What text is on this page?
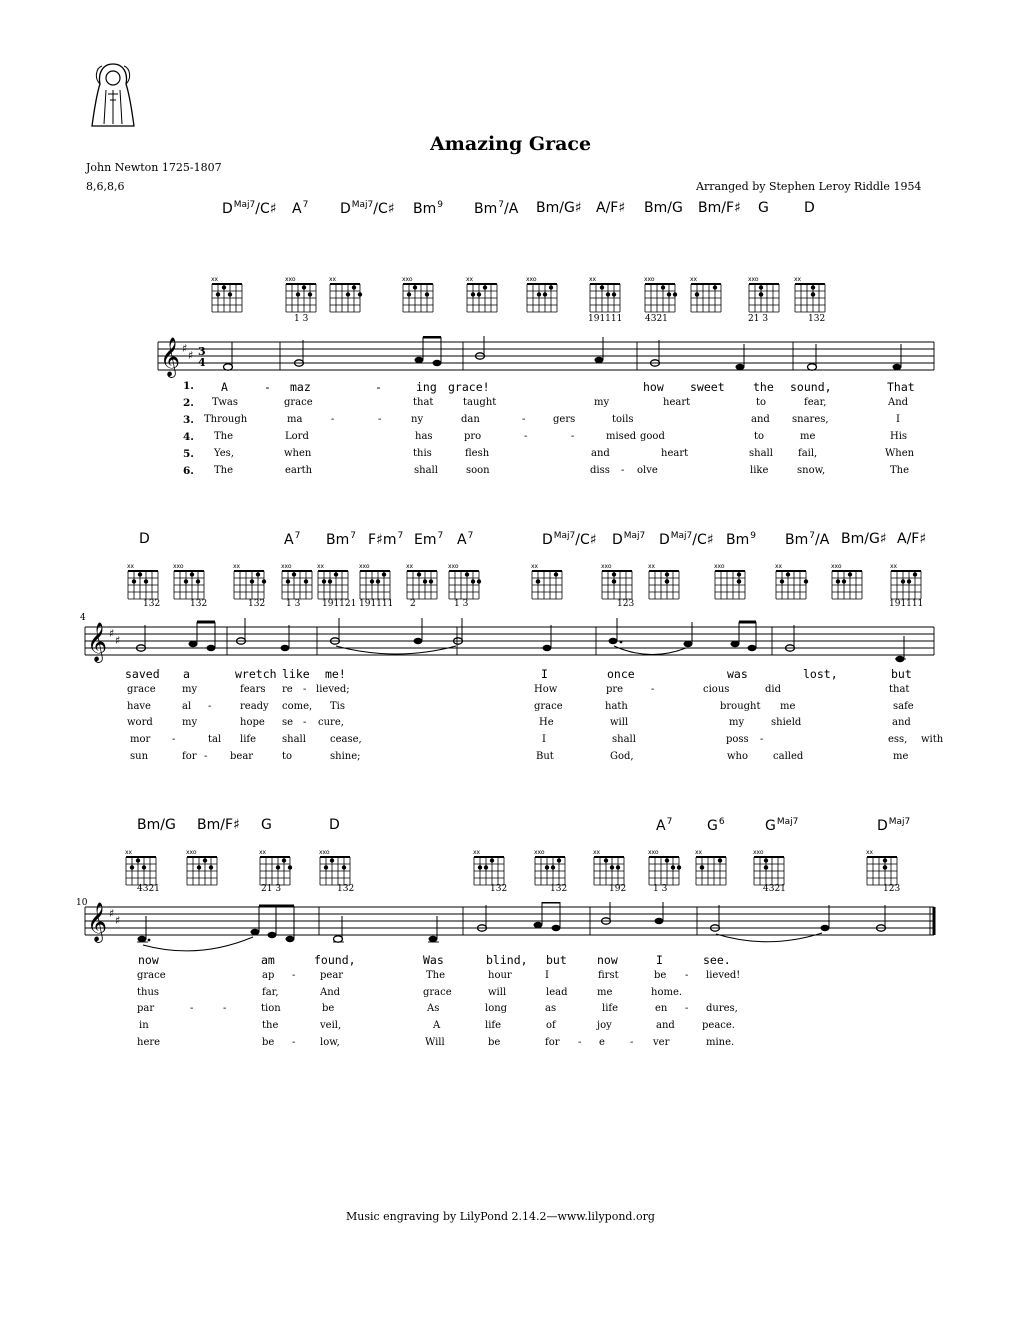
Amazing Grace
John Newton 1725-1807
8,6,8,6	Arranged by Stephen Leroy Riddle 1954
$D^{Maj7}/C♯$ $A^7$ $D^{Maj7}/C♯$ Bm$^9$ Bm$^7$/A Bm/G♯ A/F♯ Bm/G Bm/F♯ G	D
xx	xxo	xx	xxo	xx	xxo	xx	xxo	xx	xxo	xx
1 3	191111	4321	21 3	132
𝄞 ♯
♯ 3
4
1.
2.
3.
4.
5.
6.
A	- maz	-	ing grace!	how sweet the sound,	That
Twas	grace	that	taught	my	heart	to	fear,	And
Through	ma	-	-	ny	dan	-	gers	toils	and snares,	I
The	Lord	has	pro	-	-	mised good	to	me	His
Yes,	when	this	flesh	and	heart	shall	fail,	When
The	earth	shall	soon	diss - olve	like	snow,	The
D	$A^7$ Bm$^7$ $F♯m^7$ Em$^7$ $A^7$	$D^{Maj7}/C♯$ $D^{Maj7}$ $D^{Maj7}/C♯$ Bm$^9$ Bm$^7$/A Bm/G♯ A/F♯
xx	xxo	xx	xxo	xx	xxo	xx	xxo	xx	xxo	xx	xxo	xx	xxo	xx
132	132	132 1 3 191121 191111 2	1 3	123	191111
4
𝄞 ♯
♯
saved a	wretch like me!	I	once	was	lost,	but
grace	my	fears re - lieved;	How	pre	-	cious	did	that
have	al -	ready come, Tis	grace	hath	brought me	safe
word	my	hope se - cure,	He	will	my	shield	and
mor -	tal life	shall cease,	I	shall	poss -	ess, with
sun	for - bear	to	shine;	But	God,	who called	me
Bm/G Bm/F♯ G	D	$A^7$ $G^6$	$G^{Maj7}$	$D^{Maj7}$
xx	xxo	xx	xxo	xx	xxo	xx	xxo	xx	xxo	xx
4321	21 3	132	132	132	192	1 3	4321	123
10 𝄞 ♯
♯
now	am	found,	Was	blind, but	now	I	see.
grace	ap - pear	The	hour	I	first	be - lieved!
thus	far,	And	grace	will	lead	me	home.
par	-	-	tion	be	As	long	as	life	en - dures,
in	the	veil,	A	life	of	joy	and	peace.
here	be - low,	Will	be	for - e	- ver	mine.
Music engraving by LilyPond 2.14.2—www.lilypond.org
